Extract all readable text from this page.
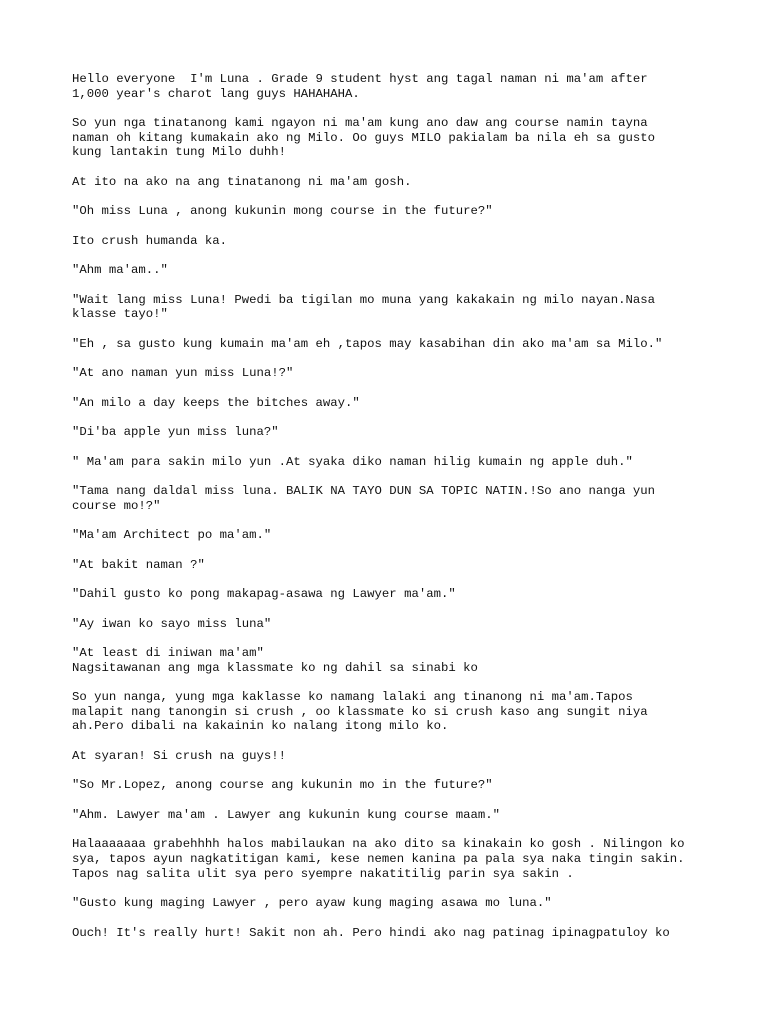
Hello everyone  I'm Luna . Grade 9 student hyst ang tagal naman ni ma'am after
1,000 year's charot lang guys HAHAHAHA.

So yun nga tinatanong kami ngayon ni ma'am kung ano daw ang course namin tayna
naman oh kitang kumakain ako ng Milo. Oo guys MILO pakialam ba nila eh sa gusto
kung lantakin tung Milo duhh!

At ito na ako na ang tinatanong ni ma'am gosh.

"Oh miss Luna , anong kukunin mong course in the future?"

Ito crush humanda ka.

"Ahm ma'am.."

"Wait lang miss Luna! Pwedi ba tigilan mo muna yang kakakain ng milo nayan.Nasa
klasse tayo!"

"Eh , sa gusto kung kumain ma'am eh ,tapos may kasabihan din ako ma'am sa Milo."

"At ano naman yun miss Luna!?"

"An milo a day keeps the bitches away."

"Di'ba apple yun miss luna?"

" Ma'am para sakin milo yun .At syaka diko naman hilig kumain ng apple duh."

"Tama nang daldal miss luna. BALIK NA TAYO DUN SA TOPIC NATIN.!So ano nanga yun
course mo!?"

"Ma'am Architect po ma'am."

"At bakit naman ?"

"Dahil gusto ko pong makapag-asawa ng Lawyer ma'am."

"Ay iwan ko sayo miss luna"

"At least di iniwan ma'am"
Nagsitawanan ang mga klassmate ko ng dahil sa sinabi ko

So yun nanga, yung mga kaklasse ko namang lalaki ang tinanong ni ma'am.Tapos
malapit nang tanongin si crush , oo klassmate ko si crush kaso ang sungit niya
ah.Pero dibali na kakainin ko nalang itong milo ko.

At syaran! Si crush na guys!!

"So Mr.Lopez, anong course ang kukunin mo in the future?"

"Ahm. Lawyer ma'am . Lawyer ang kukunin kung course maam."

Halaaaaaaa grabehhhh halos mabilaukan na ako dito sa kinakain ko gosh . Nilingon ko
sya, tapos ayun nagkatitigan kami, kese nemen kanina pa pala sya naka tingin sakin.
Tapos nag salita ulit sya pero syempre nakatitilig parin sya sakin .

"Gusto kung maging Lawyer , pero ayaw kung maging asawa mo luna."

Ouch! It's really hurt! Sakit non ah. Pero hindi ako nag patinag ipinagpatuloy ko
